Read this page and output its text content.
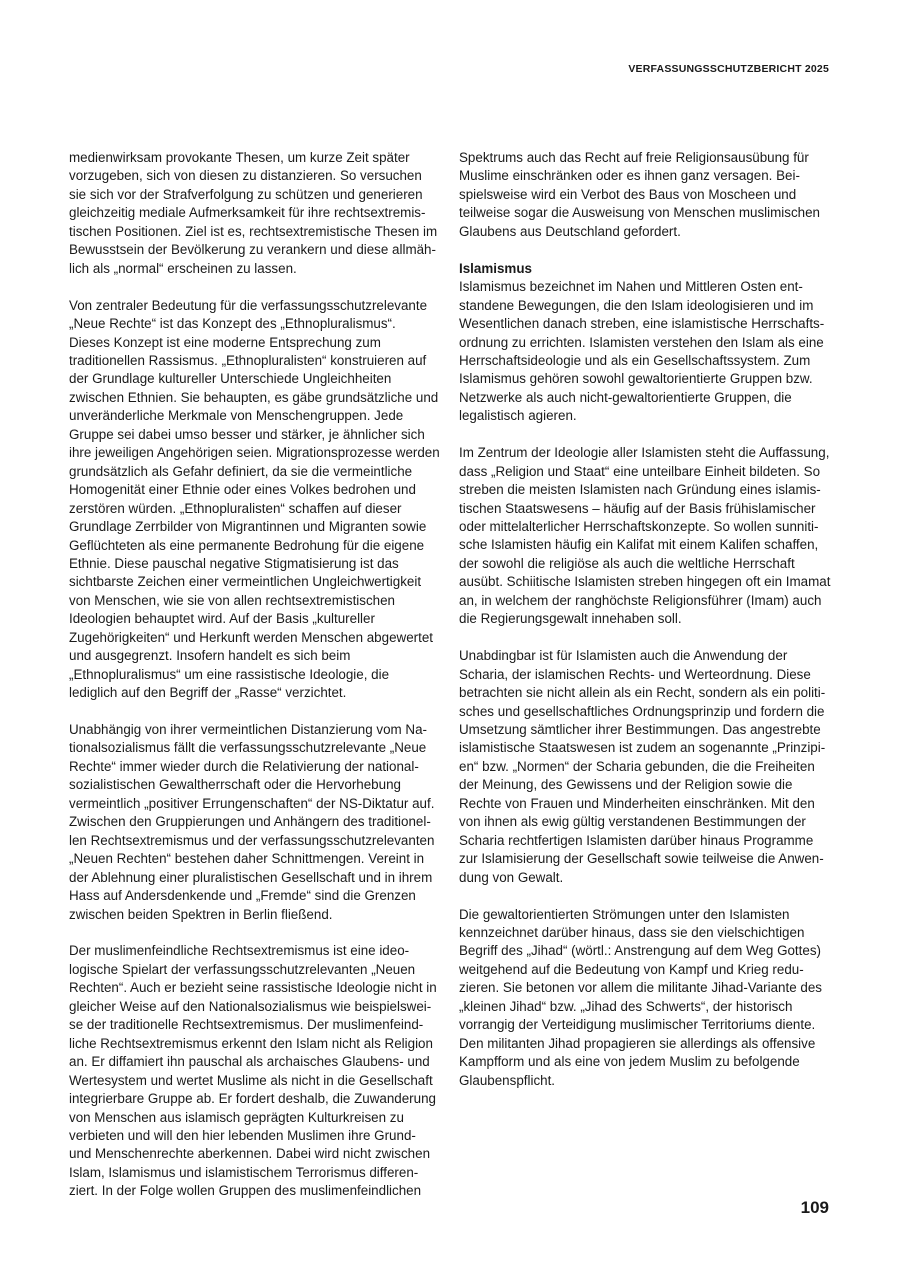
VERFASSUNGSSCHUTZBERICHT 2025

medienwirksam provokante Thesen, um kurze Zeit später vorzugeben, sich von diesen zu distanzieren. So versuchen sie sich vor der Strafverfolgung zu schützen und generieren gleichzeitig mediale Aufmerksamkeit für ihre rechtsextremistischen Positionen. Ziel ist es, rechtsextremistische Thesen im Bewusstsein der Bevölkerung zu verankern und diese allmählich als „normal“ erscheinen zu lassen.

Von zentraler Bedeutung für die verfassungsschutzrelevante „Neue Rechte“ ist das Konzept des „Ethnopluralismus“. Dieses Konzept ist eine moderne Entsprechung zum traditionellen Rassismus. „Ethnopluralisten“ konstruieren auf der Grundlage kultureller Unterschiede Ungleichheiten zwischen Ethnien. Sie behaupten, es gäbe grundsätzliche und unveränderliche Merkmale von Menschengruppen. Jede Gruppe sei dabei umso besser und stärker, je ähnlicher sich ihre jeweiligen Angehörigen seien. Migrationsprozesse werden grundsätzlich als Gefahr definiert, da sie die vermeintliche Homogenität einer Ethnie oder eines Volkes bedrohen und zerstören würden. „Ethnopluralisten“ schaffen auf dieser Grundlage Zerrbilder von Migrantinnen und Migranten sowie Geflüchteten als eine permanente Bedrohung für die eigene Ethnie. Diese pauschal negative Stigmatisierung ist das sichtbarste Zeichen einer vermeintlichen Ungleichwertigkeit von Menschen, wie sie von allen rechtsextremistischen Ideologien behauptet wird. Auf der Basis „kultureller Zugehörigkeiten“ und Herkunft werden Menschen abgewertet und ausgegrenzt. Insofern handelt es sich beim „Ethnopluralismus“ um eine rassistische Ideologie, die lediglich auf den Begriff der „Rasse“ verzichtet.

Unabhängig von ihrer vermeintlichen Distanzierung vom Nationalsozialismus fällt die verfassungsschutzrelevante „Neue Rechte“ immer wieder durch die Relativierung der nationalsozialistischen Gewaltherrschaft oder die Hervorhebung vermeintlich „positiver Errungenschaften“ der NS-Diktatur auf. Zwischen den Gruppierungen und Anhängern des traditionellen Rechtsextremismus und der verfassungsschutzrelevanten „Neuen Rechten“ bestehen daher Schnittmengen. Vereint in der Ablehnung einer pluralistischen Gesellschaft und in ihrem Hass auf Andersdenkende und „Fremde“ sind die Grenzen zwischen beiden Spektren in Berlin fließend.

Der muslimenfeindliche Rechtsextremismus ist eine ideologische Spielart der verfassungsschutzrelevanten „Neuen Rechten“. Auch er bezieht seine rassistische Ideologie nicht in gleicher Weise auf den Nationalsozialismus wie beispielsweise der traditionelle Rechtsextremismus. Der muslimenfeindliche Rechtsextremismus erkennt den Islam nicht als Religion an. Er diffamiert ihn pauschal als archaisches Glaubens- und Wertesystem und wertet Muslime als nicht in die Gesellschaft integrierbare Gruppe ab. Er fordert deshalb, die Zuwanderung von Menschen aus islamisch geprägten Kulturkreisen zu verbieten und will den hier lebenden Muslimen ihre Grund- und Menschenrechte aberkennen. Dabei wird nicht zwischen Islam, Islamismus und islamistischem Terrorismus differenziert. In der Folge wollen Gruppen des muslimenfeindlichen

Spektrums auch das Recht auf freie Religionsausübung für Muslime einschränken oder es ihnen ganz versagen. Beispielsweise wird ein Verbot des Baus von Moscheen und teilweise sogar die Ausweisung von Menschen muslimischen Glaubens aus Deutschland gefordert.

Islamismus

Islamismus bezeichnet im Nahen und Mittleren Osten entstandene Bewegungen, die den Islam ideologisieren und im Wesentlichen danach streben, eine islamistische Herrschaftsordnung zu errichten. Islamisten verstehen den Islam als eine Herrschaftsideologie und als ein Gesellschaftssystem. Zum Islamismus gehören sowohl gewaltorientierte Gruppen bzw. Netzwerke als auch nicht-gewaltorientierte Gruppen, die legalistisch agieren.

Im Zentrum der Ideologie aller Islamisten steht die Auffassung, dass „Religion und Staat“ eine unteilbare Einheit bildeten. So streben die meisten Islamisten nach Gründung eines islamistischen Staatswesens – häufig auf der Basis frühislamischer oder mittelalterlicher Herrschaftskonzepte. So wollen sunnitische Islamisten häufig ein Kalifat mit einem Kalifen schaffen, der sowohl die religiöse als auch die weltliche Herrschaft ausübt. Schiitische Islamisten streben hingegen oft ein Imamat an, in welchem der ranghöchste Religionsführer (Imam) auch die Regierungsgewalt innehaben soll.

Unabdingbar ist für Islamisten auch die Anwendung der Scharia, der islamischen Rechts- und Werteordnung. Diese betrachten sie nicht allein als ein Recht, sondern als ein politisches und gesellschaftliches Ordnungsprinzip und fordern die Umsetzung sämtlicher ihrer Bestimmungen. Das angestrebte islamistische Staatswesen ist zudem an sogenannte „Prinzipien“ bzw. „Normen“ der Scharia gebunden, die die Freiheiten der Meinung, des Gewissens und der Religion sowie die Rechte von Frauen und Minderheiten einschränken. Mit den von ihnen als ewig gültig verstandenen Bestimmungen der Scharia rechtfertigen Islamisten darüber hinaus Programme zur Islamisierung der Gesellschaft sowie teilweise die Anwendung von Gewalt.

Die gewaltorientierten Strömungen unter den Islamisten kennzeichnet darüber hinaus, dass sie den vielschichtigen Begriff des „Jihad“ (wörtl.: Anstrengung auf dem Weg Gottes) weitgehend auf die Bedeutung von Kampf und Krieg reduzieren. Sie betonen vor allem die militante Jihad-Variante des „kleinen Jihad“ bzw. „Jihad des Schwerts“, der historisch vorrangig der Verteidigung muslimischer Territoriums diente. Den militanten Jihad propagieren sie allerdings als offensive Kampfform und als eine von jedem Muslim zu befolgende Glaubenspflicht.

109
